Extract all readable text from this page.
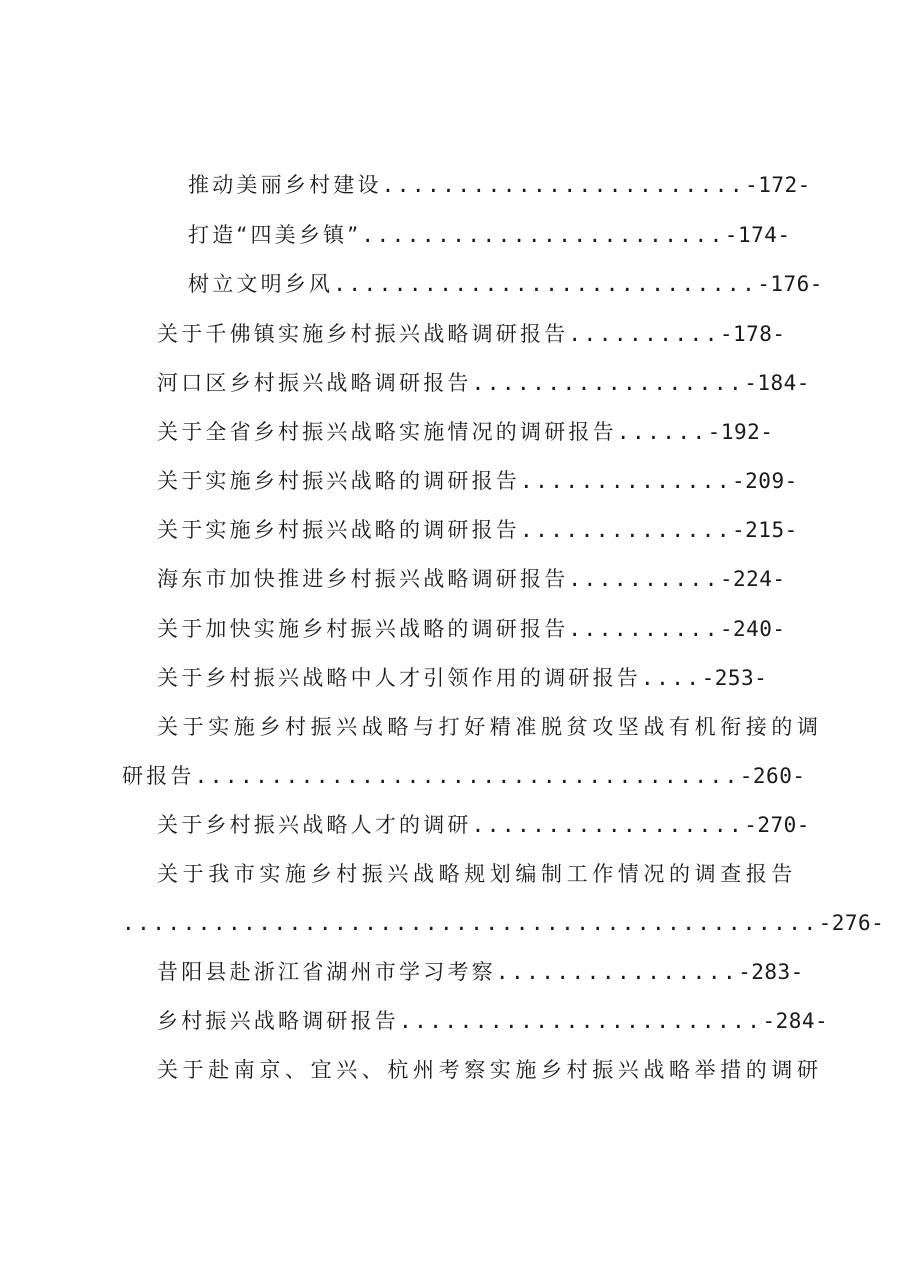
推动美丽乡村建设........................-172-
打造“四美乡镇”........................-174-
树立文明乡风............................-176-
关于千佛镇实施乡村振兴战略调研报告..........-178-
河口区乡村振兴战略调研报告..................-184-
关于全省乡村振兴战略实施情况的调研报告......-192-
关于实施乡村振兴战略的调研报告..............-209-
关于实施乡村振兴战略的调研报告..............-215-
海东市加快推进乡村振兴战略调研报告..........-224-
关于加快实施乡村振兴战略的调研报告..........-240-
关于乡村振兴战略中人才引领作用的调研报告....-253-
关于实施乡村振兴战略与打好精准脱贫攻坚战有机衔接的调
研报告....................................-260-
关于乡村振兴战略人才的调研..................-270-
关于我市实施乡村振兴战略规划编制工作情况的调查报告
..............................................-276-
昔阳县赴浙江省湖州市学习考察................-283-
乡村振兴战略调研报告........................-284-
关于赴南京、宜兴、杭州考察实施乡村振兴战略举措的调研
